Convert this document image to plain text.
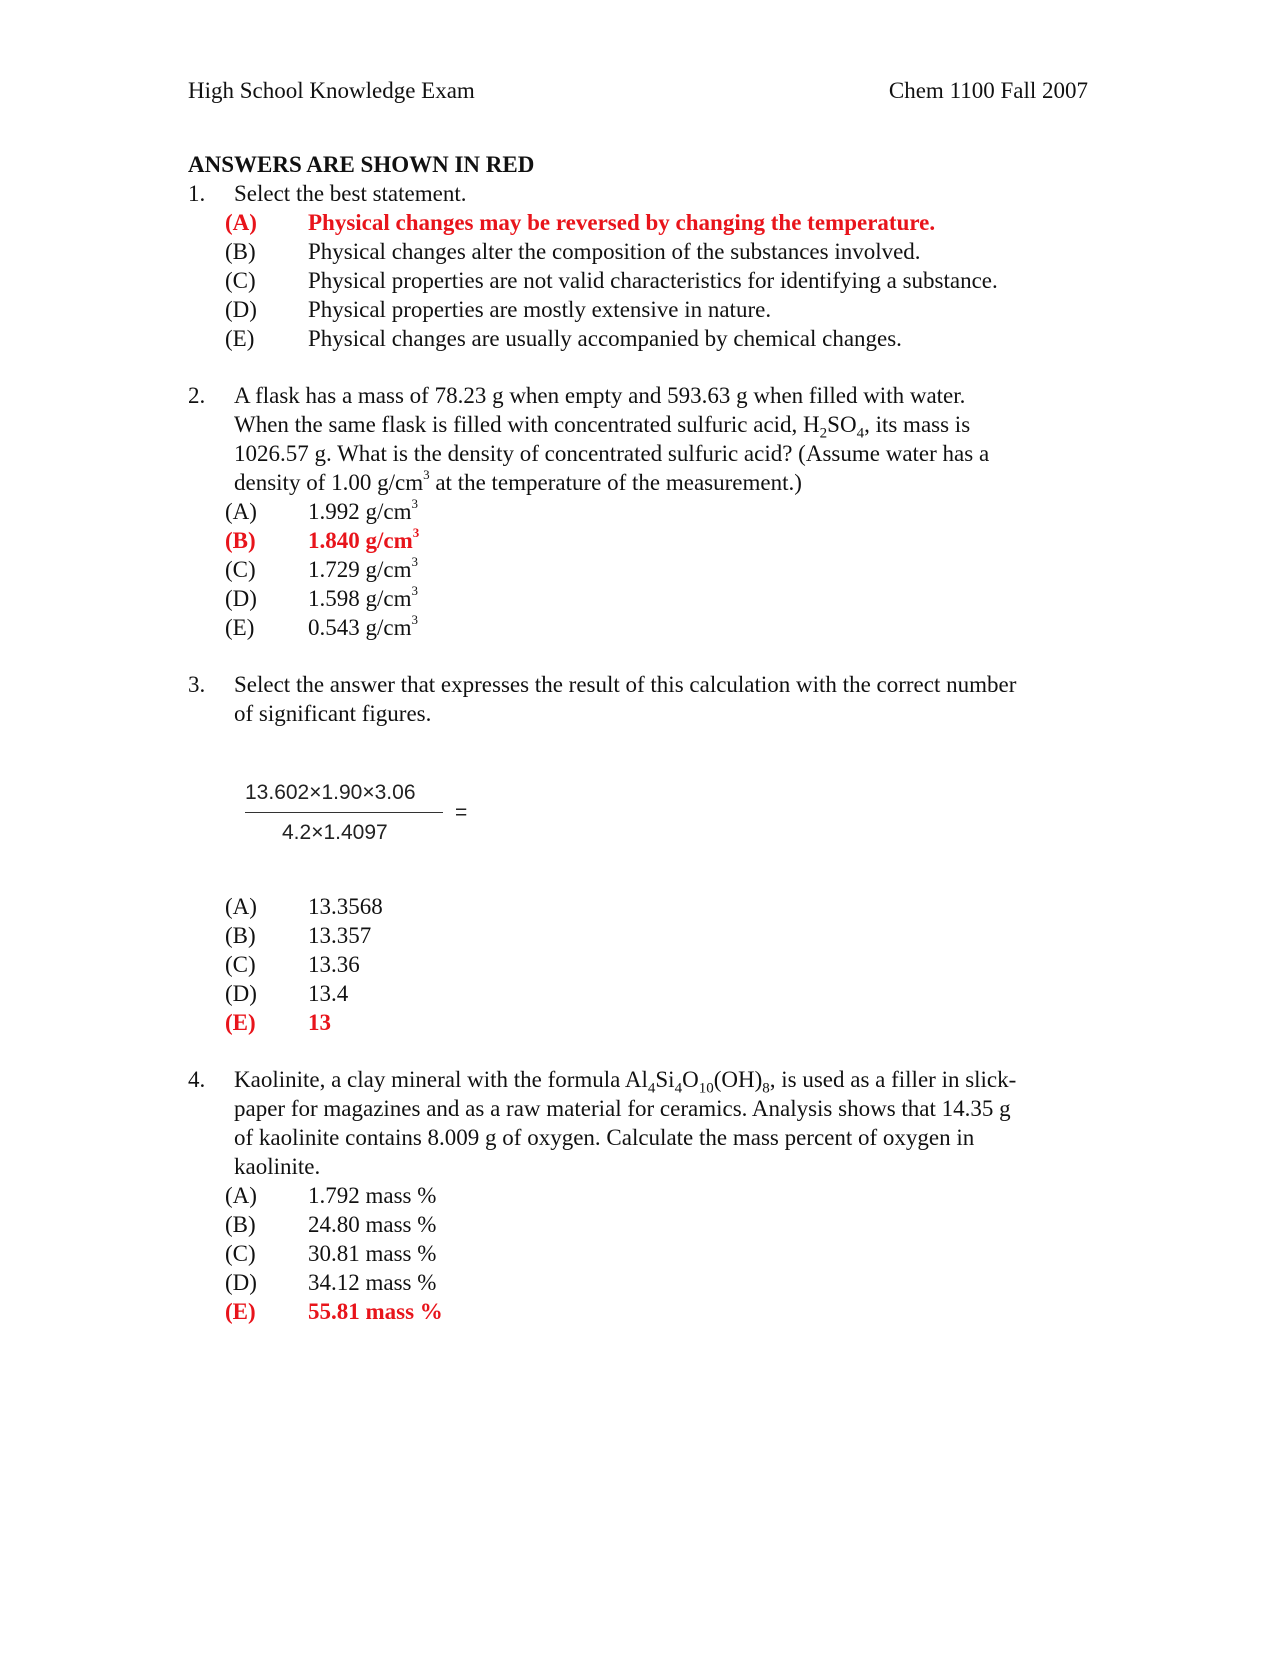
High School Knowledge Exam	Chem 1100 Fall 2007

ANSWERS ARE SHOWN IN RED

1. Select the best statement.
(A) Physical changes may be reversed by changing the temperature.
(B) Physical changes alter the composition of the substances involved.
(C) Physical properties are not valid characteristics for identifying a substance.
(D) Physical properties are mostly extensive in nature.
(E) Physical changes are usually accompanied by chemical changes.
2. A flask has a mass of 78.23 g when empty and 593.63 g when filled with water.
When the same flask is filled with concentrated sulfuric acid, $H_2SO_4$, its mass is
1026.57 g. What is the density of concentrated sulfuric acid? (Assume water has a
density of 1.00 $g/cm^3$ at the temperature of the measurement.)
(A) 1.992 $g/cm^3$
(B) 1.840 $g/cm^3$
(C) 1.729 $g/cm^3$
(D) 1.598 $g/cm^3$
(E) 0.543 $g/cm^3$
3. Select the answer that expresses the result of this calculation with the correct number
of significant figures.
13.602×1.90×3.06
4.2×1.4097
=
(A) 13.3568
(B) 13.357
(C) 13.36
(D) 13.4
(E) 13
4. Kaolinite, a clay mineral with the formula $Al_4Si_4O_{10}(OH)_8$, is used as a filler in slick-
paper for magazines and as a raw material for ceramics. Analysis shows that 14.35 g
of kaolinite contains 8.009 g of oxygen. Calculate the mass percent of oxygen in
kaolinite.
(A) 1.792 mass %
(B) 24.80 mass %
(C) 30.81 mass %
(D) 34.12 mass %
(E) 55.81 mass %
